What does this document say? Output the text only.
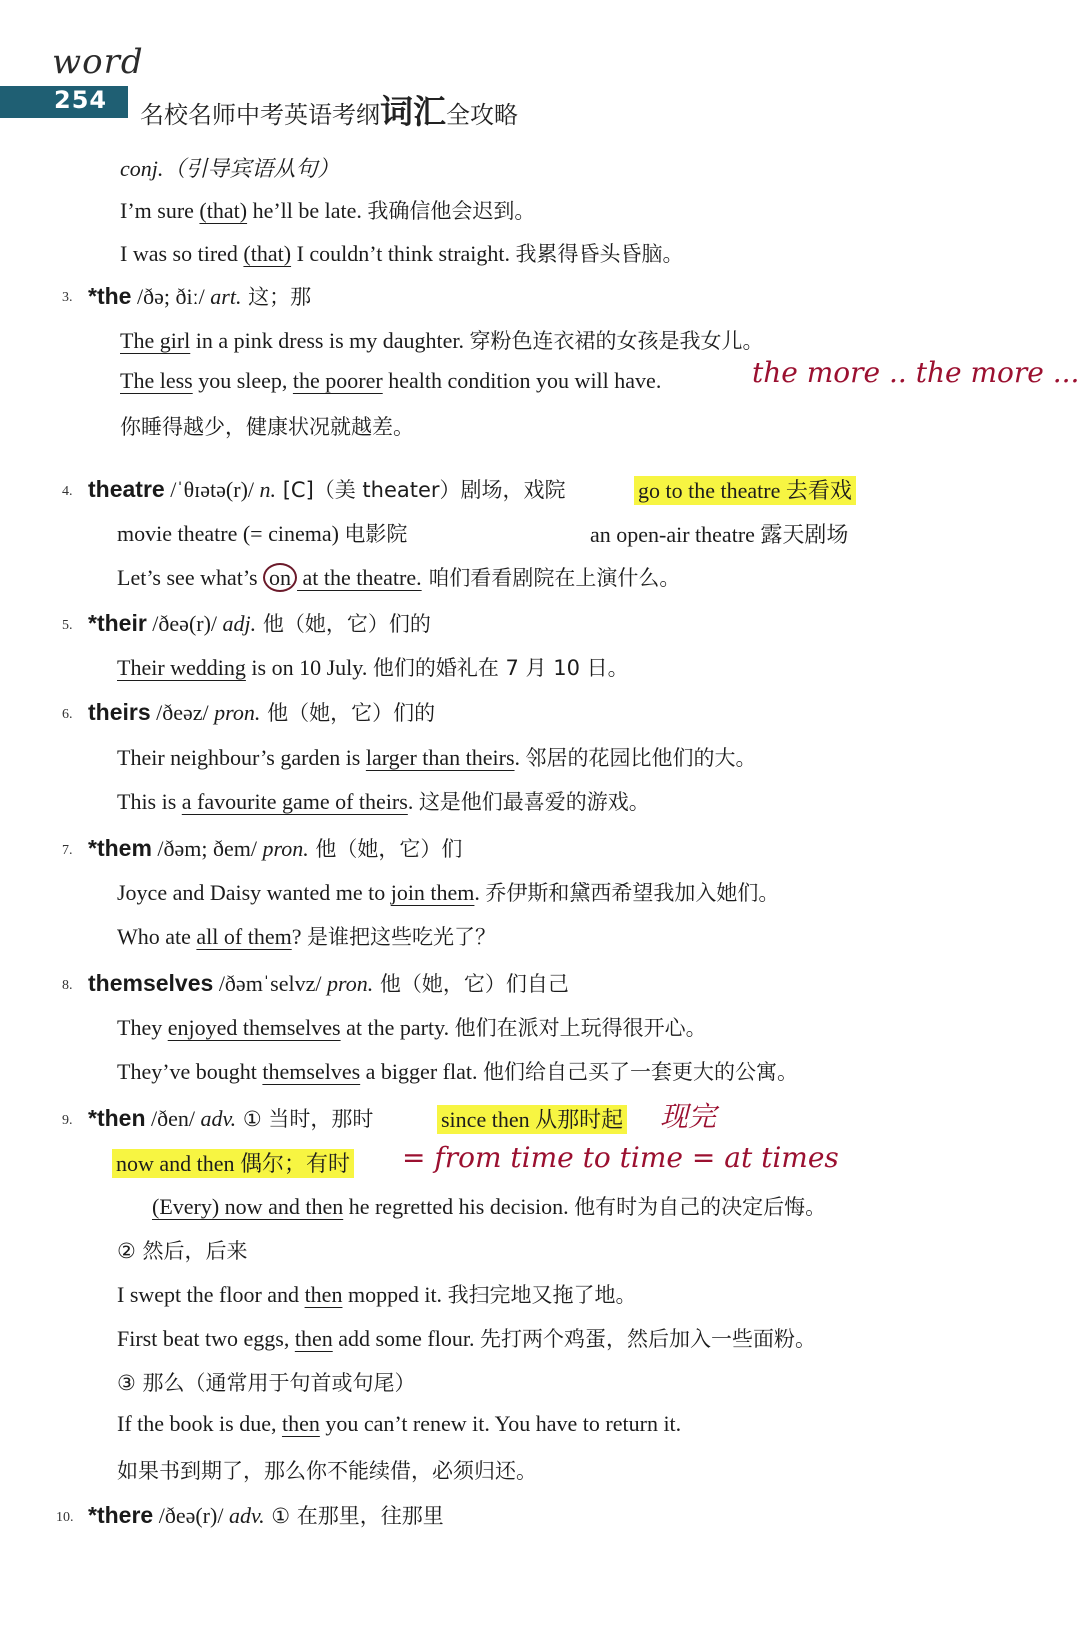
word
254
名校名师中考英语考纲词汇全攻略
conj.（引导宾语从句）
I’m sure (that) he’ll be late. 我确信他会迟到。
I was so tired (that) I couldn’t think straight. 我累得昏头昏脑。
3. *the /ðə; ðiː/ art. 这；那
The girl in a pink dress is my daughter. 穿粉色连衣裙的女孩是我女儿。
The less you sleep, the poorer health condition you will have.	the more .. the more ...
你睡得越少，健康状况就越差。
4. theatre /ˈθɪətə(r)/ n. [C]（美 theater）剧场，戏院	go to the theatre 去看戏
movie theatre (= cinema) 电影院	an open-air theatre 露天剧场
Let’s see what’s on at the theatre. 咱们看看剧院在上演什么。
5. *their /ðeə(r)/ adj. 他（她，它）们的
Their wedding is on 10 July. 他们的婚礼在 7 月 10 日。
6. theirs /ðeəz/ pron. 他（她，它）们的
Their neighbour’s garden is larger than theirs. 邻居的花园比他们的大。
This is a favourite game of theirs. 这是他们最喜爱的游戏。
7. *them /ðəm; ðem/ pron. 他（她，它）们
Joyce and Daisy wanted me to join them. 乔伊斯和黛西希望我加入她们。
Who ate all of them? 是谁把这些吃光了？
8. themselves /ðəmˈselvz/ pron. 他（她，它）们自己
They enjoyed themselves at the party. 他们在派对上玩得很开心。
They’ve bought themselves a bigger flat. 他们给自己买了一套更大的公寓。
9. *then /ðen/ adv. ① 当时，那时	since then 从那时起 现完
now and then 偶尔；有时 = from time to time = at times
(Every) now and then he regretted his decision. 他有时为自己的决定后悔。
② 然后，后来
I swept the floor and then mopped it. 我扫完地又拖了地。
First beat two eggs, then add some flour. 先打两个鸡蛋，然后加入一些面粉。
③ 那么（通常用于句首或句尾）
If the book is due, then you can’t renew it. You have to return it.
如果书到期了，那么你不能续借，必须归还。
10. *there /ðeə(r)/ adv. ① 在那里，往那里
